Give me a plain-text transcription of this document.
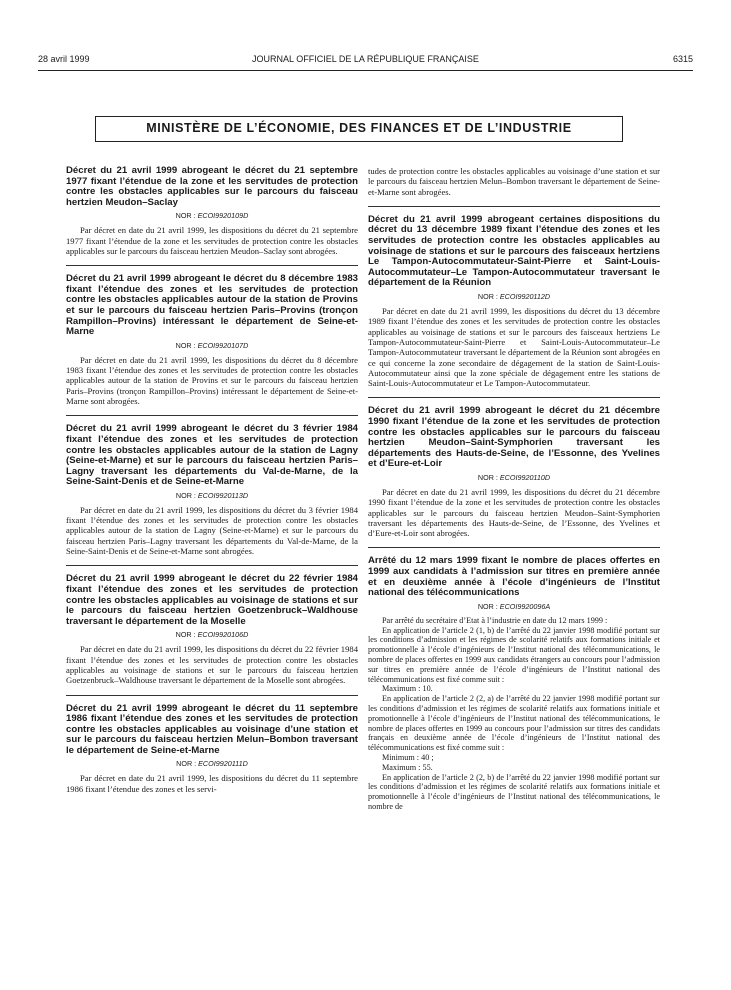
28 avril 1999	JOURNAL OFFICIEL DE LA RÉPUBLIQUE FRANÇAISE	6315
MINISTÈRE DE L’ÉCONOMIE, DES FINANCES ET DE L’INDUSTRIE

Décret du 21 avril 1999 abrogeant le décret du 21 septembre 1977 fixant l’étendue de la zone et les servitudes de protection contre les obstacles applicables sur le parcours du faisceau hertzien Meudon–Saclay

NOR : ECOI9920109D

Par décret en date du 21 avril 1999, les dispositions du décret du 21 septembre 1977 fixant l’étendue de la zone et les servitudes de protection contre les obstacles applicables sur le parcours du faisceau hertzien Meudon–Saclay sont abrogées.

Décret du 21 avril 1999 abrogeant le décret du 8 décembre 1983 fixant l’étendue des zones et les servitudes de protection contre les obstacles applicables autour de la station de Provins et sur le parcours du faisceau hertzien Paris–Provins (tronçon Rampillon–Provins) intéressant le département de Seine-et-Marne

NOR : ECOI9920107D

Par décret en date du 21 avril 1999, les dispositions du décret du 8 décembre 1983 fixant l’étendue des zones et les servitudes de protection contre les obstacles applicables autour de la station de Provins et sur le parcours du faisceau hertzien Paris–Provins (tronçon Rampillon–Provins) intéressant le département de Seine-et-Marne sont abrogées.

Décret du 21 avril 1999 abrogeant le décret du 3 février 1984 fixant l’étendue des zones et les servitudes de protection contre les obstacles applicables autour de la station de Lagny (Seine-et-Marne) et sur le parcours du faisceau hertzien Paris–Lagny traversant les départements du Val-de-Marne, de la Seine-Saint-Denis et de Seine-et-Marne

NOR : ECOI9920113D

Par décret en date du 21 avril 1999, les dispositions du décret du 3 février 1984 fixant l’étendue des zones et les servitudes de protection contre les obstacles applicables autour de la station de Lagny (Seine-et-Marne) et sur le parcours du faisceau hertzien Paris–Lagny traversant les départements du Val-de-Marne, de la Seine-Saint-Denis et de Seine-et-Marne sont abrogées.

Décret du 21 avril 1999 abrogeant le décret du 22 février 1984 fixant l’étendue des zones et les servitudes de protection contre les obstacles applicables au voisinage de stations et sur le parcours du faisceau hertzien Goetzenbruck–Waldhouse traversant le département de la Moselle

NOR : ECOI9920106D

Par décret en date du 21 avril 1999, les dispositions du décret du 22 février 1984 fixant l’étendue des zones et les servitudes de protection contre les obstacles applicables au voisinage de stations et sur le parcours du faisceau hertzien Goetzenbruck–Waldhouse traversant le département de la Moselle sont abrogées.

Décret du 21 avril 1999 abrogeant le décret du 11 septembre 1986 fixant l’étendue des zones et les servitudes de protection contre les obstacles applicables au voisinage d’une station et sur le parcours du faisceau hertzien Melun–Bombon traversant le département de Seine-et-Marne

NOR : ECOI9920111D

Par décret en date du 21 avril 1999, les dispositions du décret du 11 septembre 1986 fixant l’étendue des zones et les servi-

tudes de protection contre les obstacles applicables au voisinage d’une station et sur le parcours du faisceau hertzien Melun–Bombon traversant le département de Seine-et-Marne sont abrogées.

Décret du 21 avril 1999 abrogeant certaines dispositions du décret du 13 décembre 1989 fixant l’étendue des zones et les servitudes de protection contre les obstacles applicables au voisinage de stations et sur le parcours des faisceaux hertziens Le Tampon-Autocommutateur-Saint-Pierre et Saint-Louis-Autocommutateur–Le Tampon-Autocommutateur traversant le département de la Réunion

NOR : ECOI9920112D

Par décret en date du 21 avril 1999, les dispositions du décret du 13 décembre 1989 fixant l’étendue des zones et les servitudes de protection contre les obstacles applicables au voisinage de stations et sur le parcours des faisceaux hertziens Le Tampon-Autocommutateur-Saint-Pierre et Saint-Louis-Autocommutateur–Le Tampon-Autocommutateur traversant le département de la Réunion sont abrogées en ce qui concerne la zone secondaire de dégagement de la station de Saint-Louis-Autocommutateur ainsi que la zone spéciale de dégagement entre les stations de Saint-Louis-Autocommutateur et Le Tampon-Autocommutateur.

Décret du 21 avril 1999 abrogeant le décret du 21 décembre 1990 fixant l’étendue de la zone et les servitudes de protection contre les obstacles applicables sur le parcours du faisceau hertzien Meudon–Saint-Symphorien traversant les départements des Hauts-de-Seine, de l’Essonne, des Yvelines et d’Eure-et-Loir

NOR : ECOI9920110D

Par décret en date du 21 avril 1999, les dispositions du décret du 21 décembre 1990 fixant l’étendue de la zone et les servitudes de protection contre les obstacles applicables sur le parcours du faisceau hertzien Meudon–Saint-Symphorien traversant les départements des Hauts-de-Seine, de l’Essonne, des Yvelines et d’Eure-et-Loir sont abrogées.

Arrêté du 12 mars 1999 fixant le nombre de places offertes en 1999 aux candidats à l’admission sur titres en première année et en deuxième année à l’école d’ingénieurs de l’Institut national des télécommunications

NOR : ECOI9920096A

Par arrêté du secrétaire d’Etat à l’industrie en date du 12 mars 1999 :

En application de l’article 2 (1, b) de l’arrêté du 22 janvier 1998 modifié portant sur les conditions d’admission et les régimes de scolarité relatifs aux formations initiale et promotionnelle à l’école d’ingénieurs de l’Institut national des télécommunications, le nombre de places offertes en 1999 aux candidats étrangers au concours pour l’admission sur titres en première année de l’école d’ingénieurs de l’Institut national des télécommunications est fixé comme suit :

Maximum : 10.

En application de l’article 2 (2, a) de l’arrêté du 22 janvier 1998 modifié portant sur les conditions d’admission et les régimes de scolarité relatifs aux formations initiale et promotionnelle à l’école d’ingénieurs de l’Institut national des télécommunications, le nombre de places offertes en 1999 au concours pour l’admission sur titres des candidats français en deuxième année de l’école d’ingénieurs de l’Institut national des télécommunications est fixé comme suit :

Minimum : 40 ;

Maximum : 55.

En application de l’article 2 (2, b) de l’arrêté du 22 janvier 1998 modifié portant sur les conditions d’admission et les régimes de scolarité relatifs aux formations initiale et promotionnelle à l’école d’ingénieurs de l’Institut national des télécommunications, le nombre de
